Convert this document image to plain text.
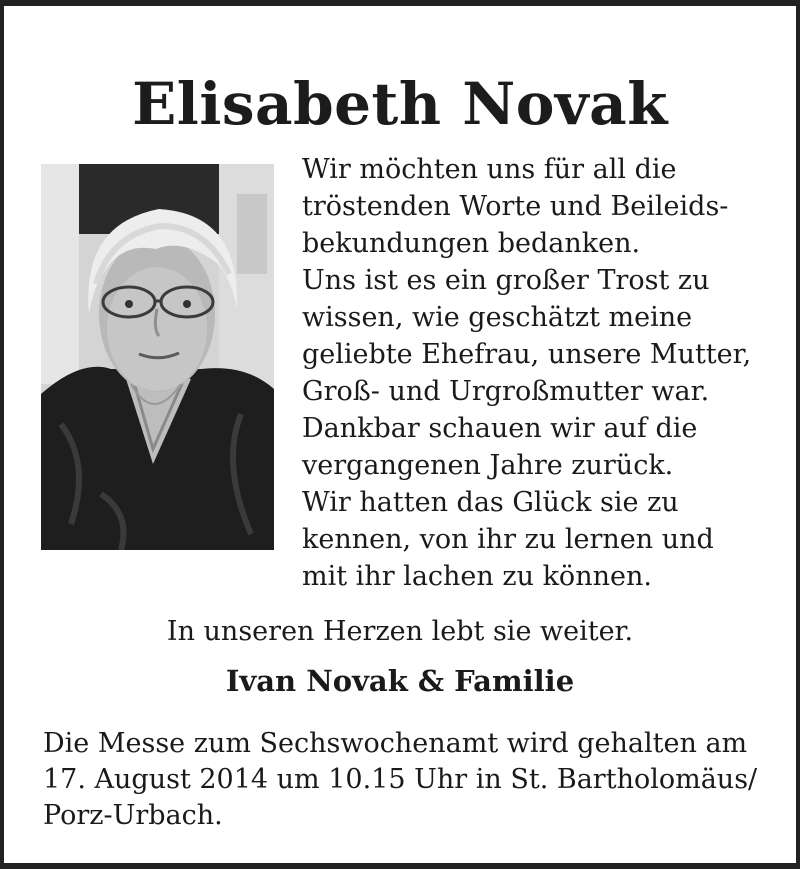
Elisabeth Novak
Wir möchten uns für all die
tröstenden Worte und Beileids-
bekundungen bedanken.
Uns ist es ein großer Trost zu
wissen, wie geschätzt meine
geliebte Ehefrau, unsere Mutter,
Groß- und Urgroßmutter war.
Dankbar schauen wir auf die
vergangenen Jahre zurück.
Wir hatten das Glück sie zu
kennen, von ihr zu lernen und
mit ihr lachen zu können.

In unseren Herzen lebt sie weiter.

Ivan Novak & Familie

Die Messe zum Sechswochenamt wird gehalten am
17. August 2014 um 10.15 Uhr in St. Bartholomäus/
Porz-Urbach.
